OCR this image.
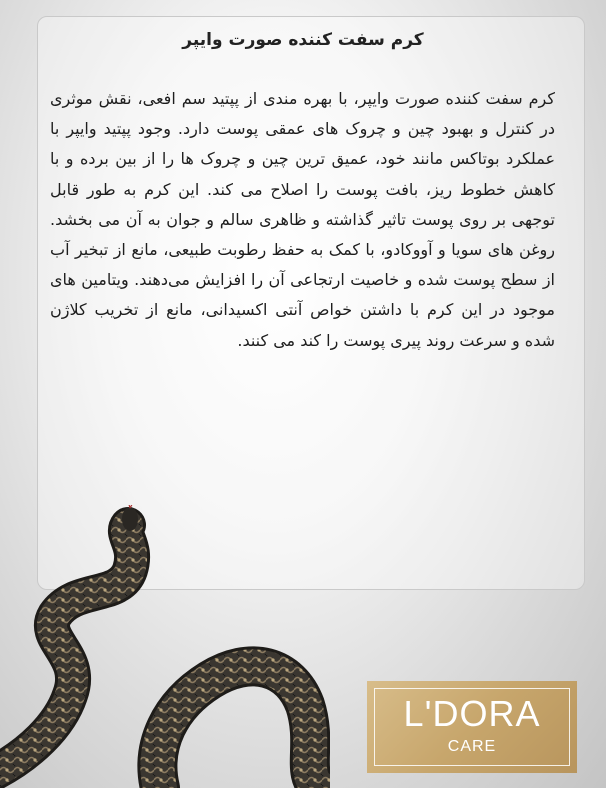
کرم سفت کننده صورت وایپر
کرم سفت کننده صورت وایپر، با بهره مندی از پپتید سم افعی، نقش موثری در کنترل و بهبود چین و چروک های عمقی پوست دارد. وجود پپتید وایپر با عملکرد بوتاکس مانند خود، عمیق ترین چین و چروک ها را از بین برده و با کاهش خطوط ریز، بافت پوست را اصلاح می کند. این کرم به طور قابل توجهی بر روی پوست تاثیر گذاشته و ظاهری سالم و جوان به آن می بخشد. روغن های سویا و آووکادو، با کمک به حفظ رطوبت طبیعی، مانع از تبخیر آب از سطح پوست شده و خاصیت ارتجاعی آن را افزایش می‌دهند. ویتامین های موجود در این کرم با داشتن خواص آنتی اکسیدانی، مانع از تخریب کلاژن شده و سرعت روند پیری پوست را کند می کنند.
L'DORA
CARE
